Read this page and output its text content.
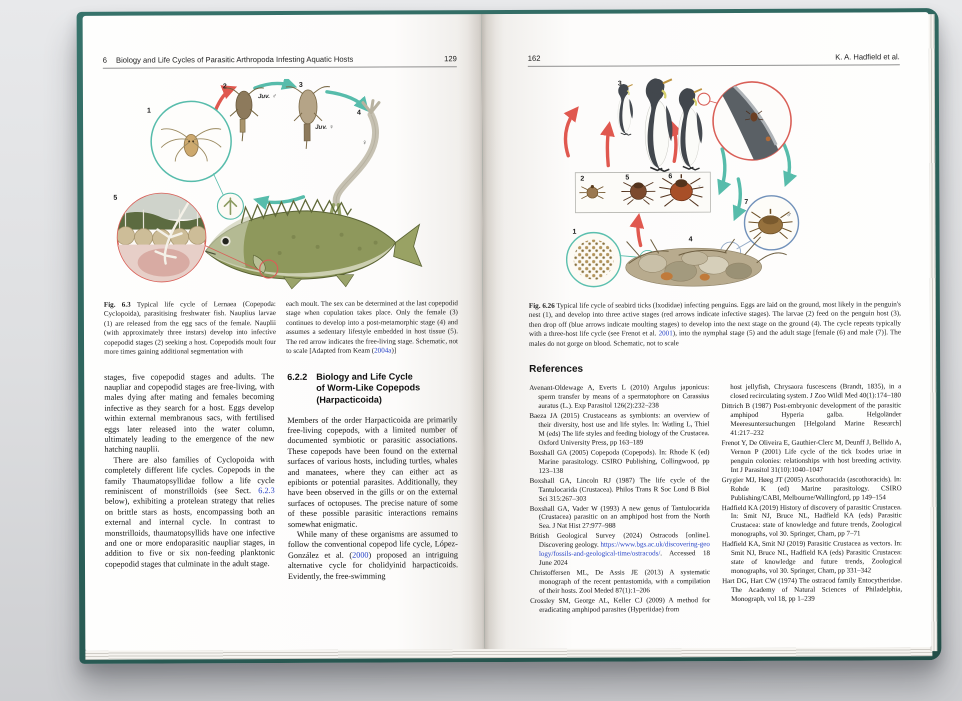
6 Biology and Life Cycles of Parasitic Arthropoda Infesting Aquatic Hosts	129
1
2	3
4
5
Juv. ♂
Juv. ♀
♀
Fig. 6.3 Typical life cycle of Lernaea (Copepoda: Cyclopoida), parasitising freshwater fish. Nauplius larvae (1) are released from the egg sacs of the female. Nauplii (with approximately three instars) develop into infective copepodid stages (2) seeking a host. Copepodids moult four more times gaining additional segmentation with
each moult. The sex can be determined at the last copepodid stage when copulation takes place. Only the female (3) continues to develop into a post-metamorphic stage (4) and assumes a sedentary lifestyle embedded in host tissue (5). The red arrow indicates the free-living stage. Schematic, not to scale [Adapted from Keam (2004a)]

stages, five copepodid stages and adults. The naupliar and copepodid stages are free-living, with males dying after mating and females becoming infective as they search for a host. Eggs develop within external membranous sacs, with fertilised eggs later released into the water column, ultimately leading to the emergence of the new hatching nauplii.

There are also families of Cyclopoida with completely different life cycles. Copepods in the family Thaumatopsyllidae follow a life cycle reminiscent of monstrilloids (see Sect. 6.2.3 below), exhibiting a protelean strategy that relies on brittle stars as hosts, encompassing both an external and internal cycle. In contrast to monstrilloids, thaumatopsyllids have one infective and one or more endoparasitic naupliar stages, in addition to five or six non-feeding planktonic copepodid stages that culminate in the adult stage.

6.2.2 Biology and Life Cycle
of Worm-Like Copepods
(Harpacticoida)

Members of the order Harpacticoida are primarily free-living copepods, with a limited number of documented symbiotic or parasitic associations. These copepods have been found on the external surfaces of various hosts, including turtles, whales and manatees, where they can either act as epibionts or potential parasites. Additionally, they have been observed in the gills or on the external surfaces of octopuses. The precise nature of some of these possible parasitic interactions remains somewhat enigmatic.

While many of these organisms are assumed to follow the conventional copepod life cycle, López-González et al. (2000) proposed an intriguing alternative cycle for cholidyinid harpacticoids. Evidently, the free-swimming

162	K. A. Hadfield et al.
3
2	5	6
♀
7
♂
1
4
Fig. 6.26 Typical life cycle of seabird ticks (Ixodidae) infecting penguins. Eggs are laid on the ground, most likely in the penguin's nest (1), and develop into three active stages (red arrows indicate infective stages). The larvae (2) feed on the penguin host (3), then drop off (blue arrows indicate moulting stages) to develop into the next stage on the ground (4). The cycle repeats typically with a three-host life cycle (see Frenot et al. 2001), into the nymphal stage (5) and the adult stage [female (6) and male (7)]. The males do not gorge on blood. Schematic, not to scale
References
Avenant-Oldewage A, Everts L (2010) Argulus japonicus: sperm transfer by means of a spermatophore on Carassius auratus (L.). Exp Parasitol 126(2):232–238
Baeza JA (2015) Crustaceans as symbionts: an overview of their diversity, host use and life styles. In: Watling L, Thiel M (eds) The life styles and feeding biology of the Crustacea. Oxford University Press, pp 163–189
Boxshall GA (2005) Copepoda (Copepods). In: Rhode K (ed) Marine parasitology. CSIRO Publishing, Collingwood, pp 123–138
Boxshall GA, Lincoln RJ (1987) The life cycle of the Tantulocarida (Crustacea). Philos Trans R Soc Lond B Biol Sci 315:267–303
Boxshall GA, Vader W (1993) A new genus of Tantulocarida (Crustacea) parasitic on an amphipod host from the North Sea. J Nat Hist 27:977–988
British Geological Survey (2024) Ostracods [online]. Discovering geology. https://www.bgs.ac.uk/discovering-geology/fossils-and-geological-time/ostracods/. Accessed 18 June 2024
Christoffersen ML, De Assis JE (2013) A systematic monograph of the recent pentastomida, with a compilation of their hosts. Zool Meded 87(1):1–206
Crossley SM, George AL, Keller CJ (2009) A method for eradicating amphipod parasites (Hyperiidae) from
host jellyfish, Chrysaora fuscescens (Brandt, 1835), in a closed recirculating system. J Zoo Wildl Med 40(1):174–180
Dittrich B (1987) Post-embryonic development of the parasitic amphipod Hyperia galba. Helgoländer Meeresuntersuchungen [Helgoland Marine Research] 41:217–232
Frenot Y, De Oliveira E, Gauthier-Clerc M, Deunff J, Bellido A, Vernon P (2001) Life cycle of the tick Ixodes uriae in penguin colonies: relationships with host breeding activity. Int J Parasitol 31(10):1040–1047
Grygier MJ, Høeg JT (2005) Ascothoracida (ascothoracids). In: Rohde K (ed) Marine parasitology. CSIRO Publishing/CABI, Melbourne/Wallingford, pp 149–154
Hadfield KA (2019) History of discovery of parasitic Crustacea. In: Smit NJ, Bruce NL, Hadfield KA (eds) Parasitic Crustacea: state of knowledge and future trends, Zoological monographs, vol 30. Springer, Cham, pp 7–71
Hadfield KA, Smit NJ (2019) Parasitic Crustacea as vectors. In: Smit NJ, Bruce NL, Hadfield KA (eds) Parasitic Crustacea: state of knowledge and future trends, Zoological monographs, vol 30. Springer, Cham, pp 331–342
Hart DG, Hart CW (1974) The ostracod family Entocytheridae. The Academy of Natural Sciences of Philadelphia, Monograph, vol 18, pp 1–239
